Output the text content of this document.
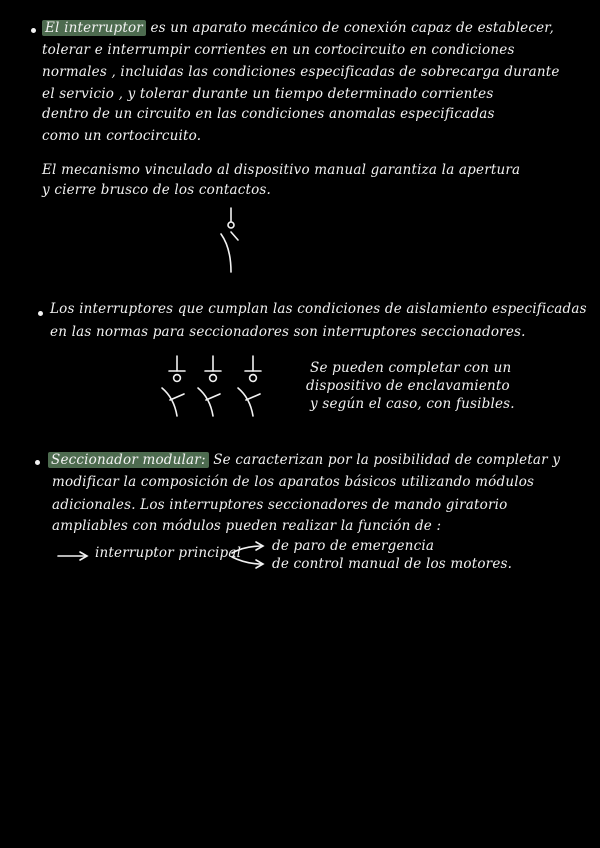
El interruptor es un aparato mecánico de conexión capaz de establecer,
tolerar e interrumpir corrientes en un cortocircuito en condiciones
normales , incluidas las condiciones especificadas de sobrecarga durante
el servicio , y tolerar durante un tiempo determinado corrientes
dentro de un circuito en las condiciones anomalas especificadas
como un cortocircuito.
El mecanismo vinculado al dispositivo manual garantiza la apertura
y cierre brusco de los contactos.
Los interruptores que cumplan las condiciones de aislamiento especificadas
en las normas para seccionadores son interruptores seccionadores.
Se pueden completar con un
dispositivo de enclavamiento
y según el caso, con fusibles.
Seccionador modular: Se caracterizan por la posibilidad de completar y
modificar la composición de los aparatos básicos utilizando módulos
adicionales. Los interruptores seccionadores de mando giratorio
ampliables con módulos pueden realizar la función de :
interruptor principal de paro de emergencia
de control manual de los motores.
